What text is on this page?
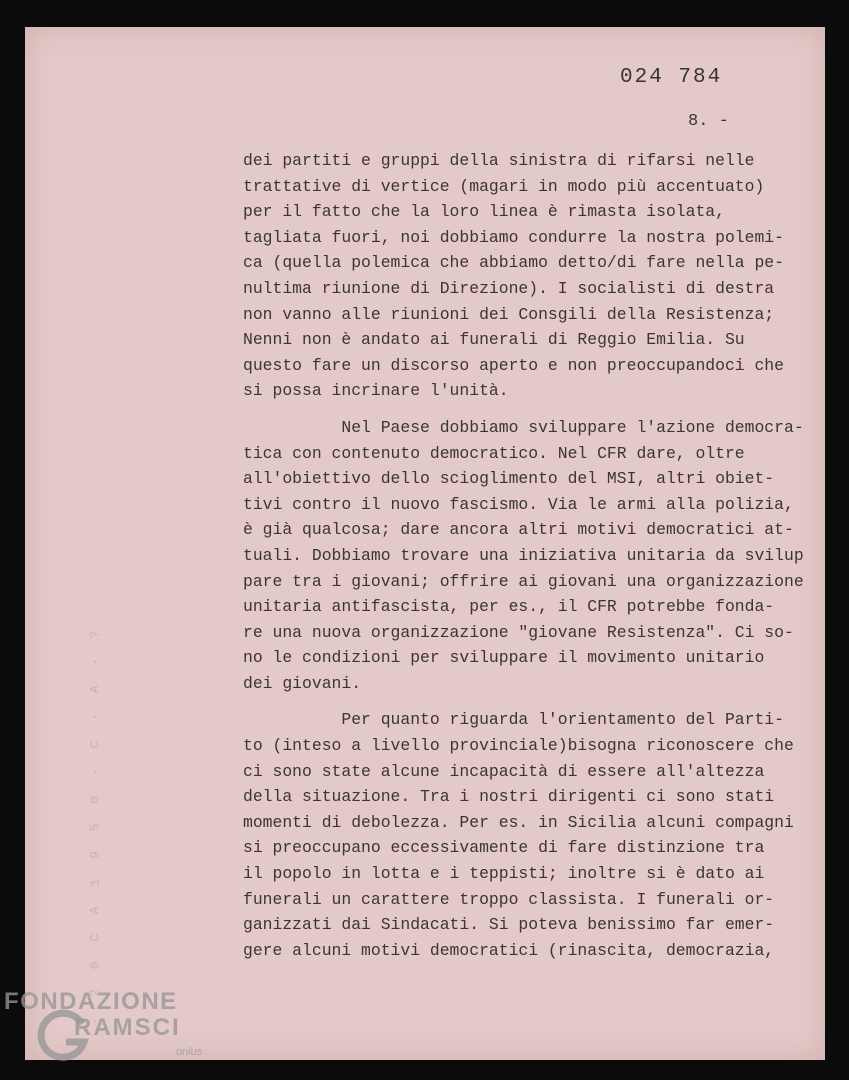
· 2 0 C A 1 9 5 0 · C · A · ?
024 784
8. -
dei partiti e gruppi della sinistra di rifarsi nelle
trattative di vertice (magari in modo più accentuato)
per il fatto che la loro linea è rimasta isolata,
tagliata fuori, noi dobbiamo condurre la nostra polemi-
ca (quella polemica che abbiamo detto/di fare nella pe-
nultima riunione di Direzione). I socialisti di destra
non vanno alle riunioni dei Consgili della Resistenza;
Nenni non è andato ai funerali di Reggio Emilia. Su
questo fare un discorso aperto e non preoccupandoci che
si possa incrinare l'unità.
Nel Paese dobbiamo sviluppare l'azione democra-
tica con contenuto democratico. Nel CFR dare, oltre
all'obiettivo dello scioglimento del MSI, altri obiet-
tivi contro il nuovo fascismo. Via le armi alla polizia,
è già qualcosa; dare ancora altri motivi democratici at-
tuali. Dobbiamo trovare una iniziativa unitaria da svilup
pare tra i giovani; offrire ai giovani una organizzazione
unitaria antifascista, per es., il CFR potrebbe fonda-
re una nuova organizzazione "giovane Resistenza". Ci so-
no le condizioni per sviluppare il movimento unitario
dei giovani.
Per quanto riguarda l'orientamento del Parti-
to (inteso a livello provinciale)bisogna riconoscere che
ci sono state alcune incapacità di essere all'altezza
della situazione. Tra i nostri dirigenti ci sono stati
momenti di debolezza. Per es. in Sicilia alcuni compagni
si preoccupano eccessivamente di fare distinzione tra
il popolo in lotta e i teppisti; inoltre si è dato ai
funerali un carattere troppo classista. I funerali or-
ganizzati dai Sindacati. Si poteva benissimo far emer-
gere alcuni motivi democratici (rinascita, democrazia,
FONDAZIONE
RAMSCI
onlus
